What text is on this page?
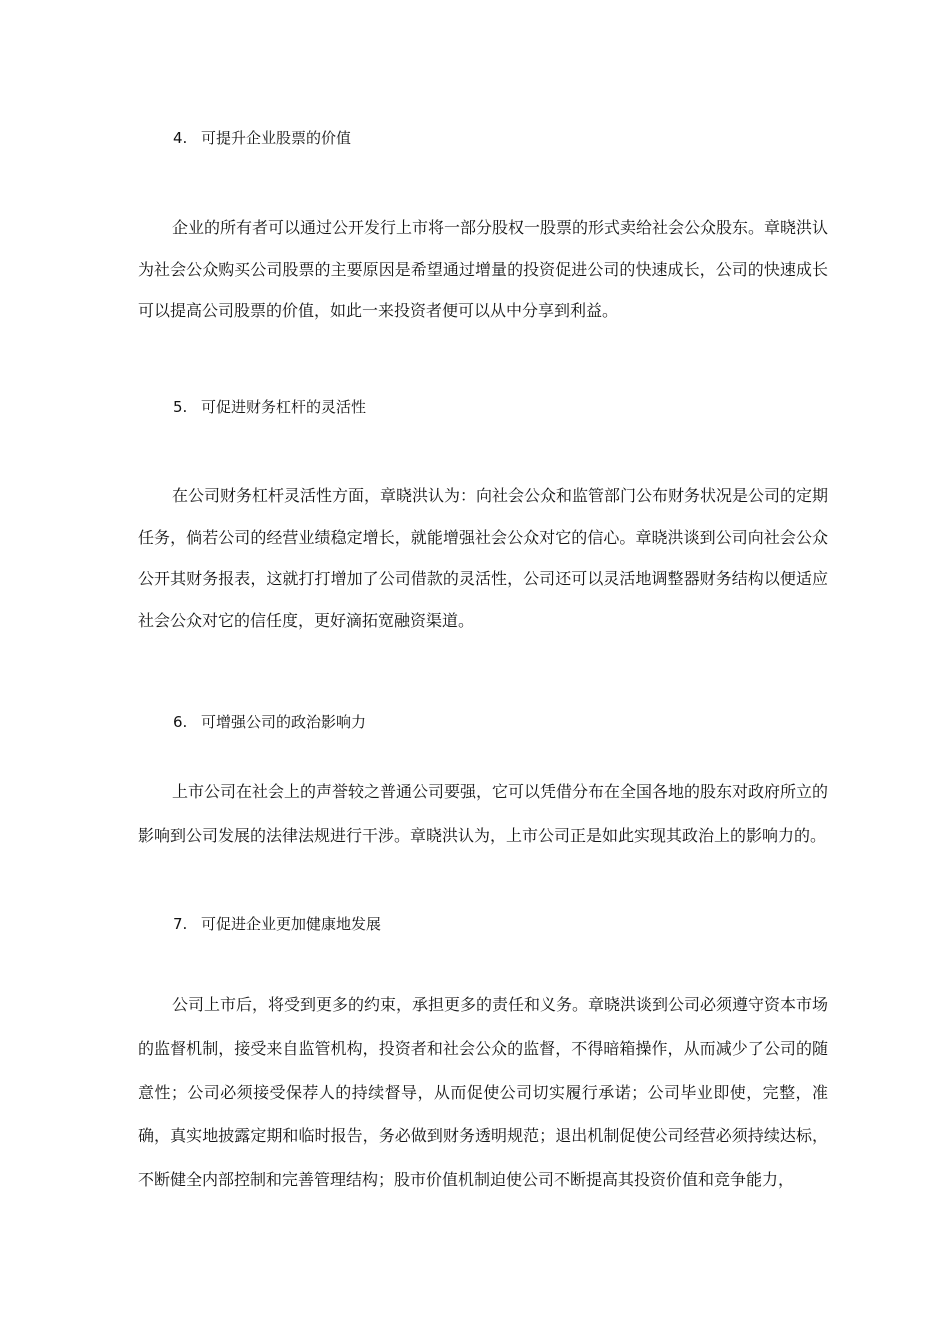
4. 可提升企业股票的价值
企业的所有者可以通过公开发行上市将一部分股权一股票的形式卖给社会公众股东。章晓洪认为社会公众购买公司股票的主要原因是希望通过增量的投资促进公司的快速成长，公司的快速成长可以提高公司股票的价值，如此一来投资者便可以从中分享到利益。
5. 可促进财务杠杆的灵活性
在公司财务杠杆灵活性方面，章晓洪认为：向社会公众和监管部门公布财务状况是公司的定期任务，倘若公司的经营业绩稳定增长，就能增强社会公众对它的信心。章晓洪谈到公司向社会公众公开其财务报表，这就打打增加了公司借款的灵活性，公司还可以灵活地调整器财务结构以便适应社会公众对它的信任度，更好滴拓宽融资渠道。
6. 可增强公司的政治影响力
上市公司在社会上的声誉较之普通公司要强，它可以凭借分布在全国各地的股东对政府所立的影响到公司发展的法律法规进行干涉。章晓洪认为，上市公司正是如此实现其政治上的影响力的。
7. 可促进企业更加健康地发展
公司上市后，将受到更多的约束，承担更多的责任和义务。章晓洪谈到公司必须遵守资本市场的监督机制，接受来自监管机构，投资者和社会公众的监督，不得暗箱操作，从而减少了公司的随意性；公司必须接受保荐人的持续督导，从而促使公司切实履行承诺；公司毕业即使，完整，准确，真实地披露定期和临时报告，务必做到财务透明规范；退出机制促使公司经营必须持续达标，不断健全内部控制和完善管理结构；股市价值机制迫使公司不断提高其投资价值和竞争能力，
